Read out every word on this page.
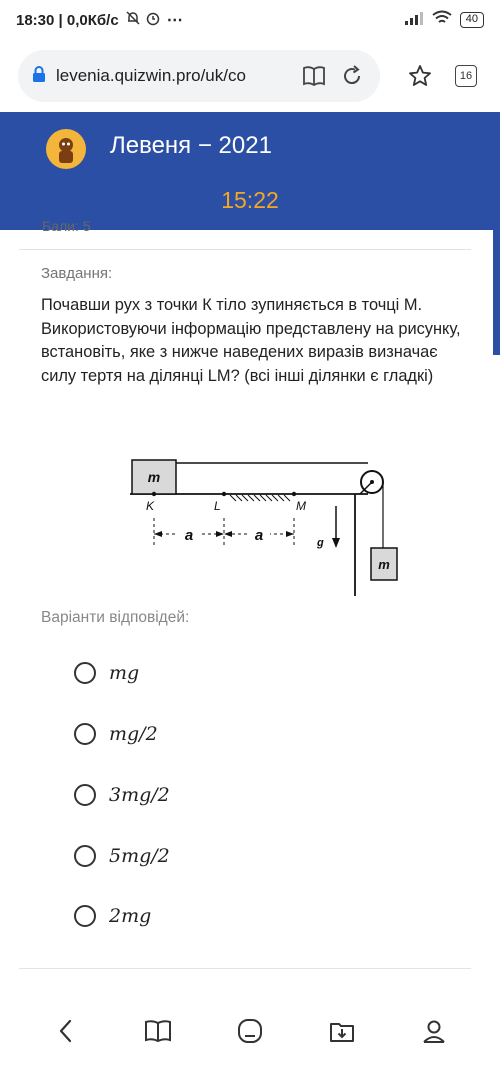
18:30 | 0,0Кб/с	⋯	40
levenia.quizwin.pro/uk/co	16
Левеня − 2021
15:22
Бали: 5
Завдання:
Почавши рух з точки К тіло зупиняється в точці М. Використовуючи інформацію представлену на рисунку, встановіть, яке з нижче наведених виразів визначає силу тертя на ділянці LM? (всі інші ділянки є гладкі)
m
m
K	L	M
a	a	g
Варіанти відповідей:
mg
mg/2
3mg/2
5mg/2
2mg
